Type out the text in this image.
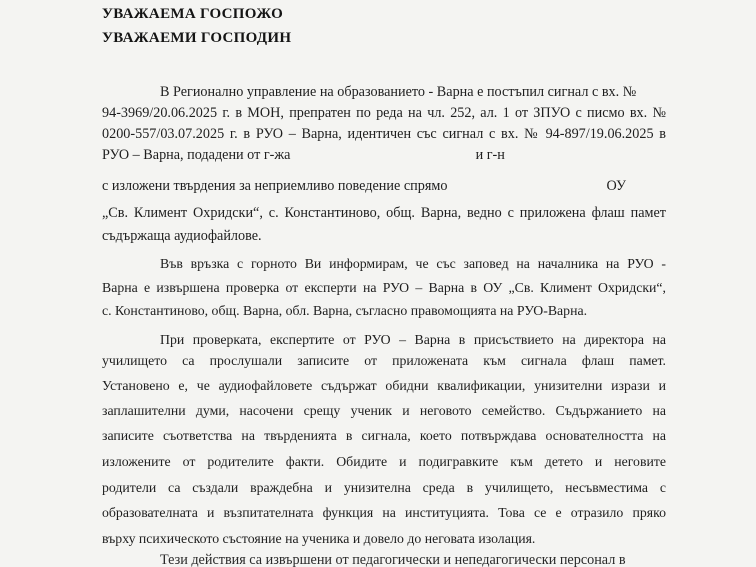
УВАЖАЕМА ГОСПОЖО
УВАЖАЕМИ ГОСПОДИН
В Регионално управление на образованието - Варна е постъпил сигнал с вх. №
94-3969/20.06.2025 г. в МОН, препратен по реда на чл. 252, ал. 1 от ЗПУО с писмо вх. №
0200-557/03.07.2025 г. в РУО – Варна, идентичен със сигнал с вх. № 94-897/19.06.2025 в
РУО – Варна, подадени от г-жа	и г-н
с изложени твърдения за неприемливо поведение спрямо	ОУ
„Св. Климент Охридски“, с. Константиново, общ. Варна, ведно с приложена флаш памет
съдържаща аудиофайлове.
Във връзка с горното Ви информирам, че със заповед на началника на РУО -
Варна е извършена проверка от експерти на РУО – Варна в ОУ „Св. Климент Охридски“,
с. Константиново, общ. Варна, обл. Варна, съгласно правомощията на РУО-Варна.
При проверката, експертите от РУО – Варна в присъствието на директора на
училището са прослушали записите от приложената към сигнала флаш памет.
Установено е, че аудиофайловете съдържат обидни квалификации, унизителни изрази и
заплашителни думи, насочени срещу ученик и неговото семейство. Съдържанието на
записите съответства на твърденията в сигнала, което потвърждава основателността на
изложените от родителите факти. Обидите и подигравките към детето и неговите
родители са създали враждебна и унизителна среда в училището, несъвместима с
образователната и възпитателната функция на институцията. Това се е отразило пряко
върху психическото състояние на ученика и довело до неговата изолация.
Тези действия са извършени от педагогически и непедагогически персонал в
